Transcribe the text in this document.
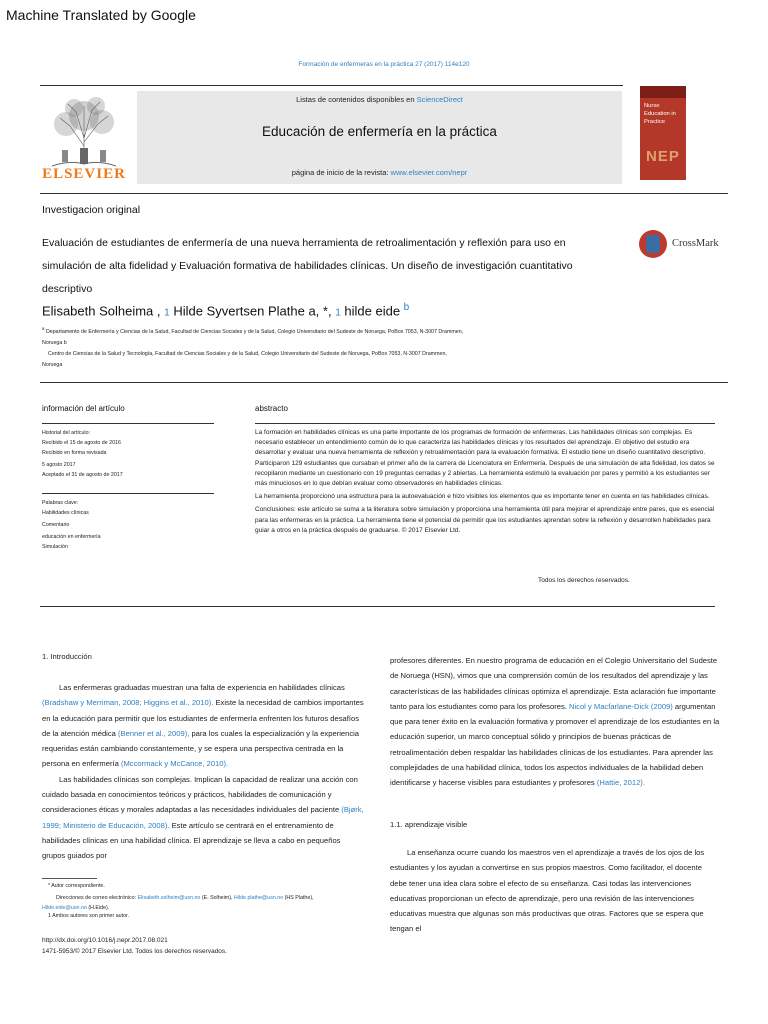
Machine Translated by Google
Formación de enfermeras en la práctica 27 (2017) 114e120
ELSEVIER
Listas de contenidos disponibles en ScienceDirect
Educación de enfermería en la práctica
página de inicio de la revista: www.elsevier.com/nepr
Nurse Education in Practice
NEP
Investigacion original
Evaluación de estudiantes de enfermería de una nueva herramienta de retroalimentación y reflexión para uso en simulación de alta fidelidad y Evaluación formativa de habilidades clínicas. Un diseño de investigación cuantitativo descriptivo
CrossMark
Elisabeth Solheima , 1 Hilde Syvertsen Plathe a, *, 1 hilde eide $^b$
$^a$ Departamento de Enfermería y Ciencias de la Salud, Facultad de Ciencias Sociales y de la Salud, Colegio Universitario del Sudeste de Noruega, PoBox 7053, N-3007 Drammen,
Noruega b
Centro de Ciencias de la Salud y Tecnología, Facultad de Ciencias Sociales y de la Salud, Colegio Universitario del Sudeste de Noruega, PoBox 7053, N-3007 Drammen,
Noruega
información del artículo	abstracto
Historial del artículo:
Recibido el 15 de agosto de 2016
Recibido en forma revisada
5 agosto 2017
Aceptado el 31 de agosto de 2017
Palabras clave:
Habilidades clínicas
Comentario
educación en enfermería
Simulación

La formación en habilidades clínicas es una parte importante de los programas de formación de enfermeras. Las habilidades clínicas son complejas. Es necesario establecer un entendimiento común de lo que caracteriza las habilidades clínicas y los resultados del aprendizaje. El objetivo del estudio era desarrollar y evaluar una nueva herramienta de reflexión y retroalimentación para la evaluación formativa. El estudio tiene un diseño cuantitativo descriptivo. Participaron 129 estudiantes que cursaban el primer año de la carrera de Licenciatura en Enfermería. Después de una simulación de alta fidelidad, los datos se recopilaron mediante un cuestionario con 19 preguntas cerradas y 2 abiertas. La herramienta estimuló la evaluación por pares y permitió a los estudiantes ser más minuciosos en lo que debían evaluar como observadores en habilidades clínicas.

La herramienta proporcionó una estructura para la autoevaluación e hizo visibles los elementos que es importante tener en cuenta en las habilidades clínicas.

Conclusiones: este artículo se suma a la literatura sobre simulación y proporciona una herramienta útil para mejorar el aprendizaje entre pares, que es esencial para las enfermeras en la práctica. La herramienta tiene el potencial de permitir que los estudiantes aprendan sobre la reflexión y desarrollen habilidades para guiar a otros en la práctica después de graduarse. © 2017 Elsevier Ltd.

Todos los derechos reservados.
1. Introducción

Las enfermeras graduadas muestran una falta de experiencia en habilidades clínicas (Bradshaw y Merriman, 2008; Higgins et al., 2010). Existe la necesidad de cambios importantes en la educación para permitir que los estudiantes de enfermería enfrenten los futuros desafíos de la atención médica (Benner et al., 2009), para los cuales la especialización y la experiencia requeridas están cambiando constantemente, y se espera una perspectiva centrada en la persona en enfermería (Mccormack y McCance, 2010).

Las habilidades clínicas son complejas. Implican la capacidad de realizar una acción con cuidado basada en conocimientos teóricos y prácticos, habilidades de comunicación y consideraciones éticas y morales adaptadas a las necesidades individuales del paciente (Bjørk, 1999; Ministerio de Educación, 2008). Este artículo se centrará en el entrenamiento de habilidades clínicas en una habilidad clínica. El aprendizaje se lleva a cabo en pequeños grupos guiados por

profesores diferentes. En nuestro programa de educación en el Colegio Universitario del Sudeste de Noruega (HSN), vimos que una comprensión común de los resultados del aprendizaje y las características de las habilidades clínicas optimiza el aprendizaje. Esta aclaración fue importante tanto para los estudiantes como para los profesores. Nicol y Macfarlane-Dick (2009) argumentan que para tener éxito en la evaluación formativa y promover el aprendizaje de los estudiantes en la educación superior, un marco conceptual sólido y principios de buenas prácticas de retroalimentación deben respaldar las habilidades clínicas de los estudiantes. Para aprender las complejidades de una habilidad clínica, todos los aspectos individuales de la habilidad deben identificarse y hacerse visibles para estudiantes y profesores (Hattie, 2012).

1.1. aprendizaje visible

La enseñanza ocurre cuando los maestros ven el aprendizaje a través de los ojos de los estudiantes y los ayudan a convertirse en sus propios maestros. Como facilitador, el docente debe tener una idea clara sobre el efecto de su enseñanza. Casi todas las intervenciones educativas proporcionan un efecto de aprendizaje, pero una revisión de las intervenciones educativas muestra que algunas son más productivas que otras. Factores que se espera que tengan el

* Autor correspondiente.
Direcciones de correo electrónico: Elisabeth.solheim@usn.no (E. Solheim), Hilde.plathe@usn.no (HS Plathe),
Hilde.eide@usn.no (H.Eide).
1 Ambos autores son primer autor.
http://dx.doi.org/10.1016/j.nepr.2017.08.021
1471-5953/© 2017 Elsevier Ltd. Todos los derechos reservados.
